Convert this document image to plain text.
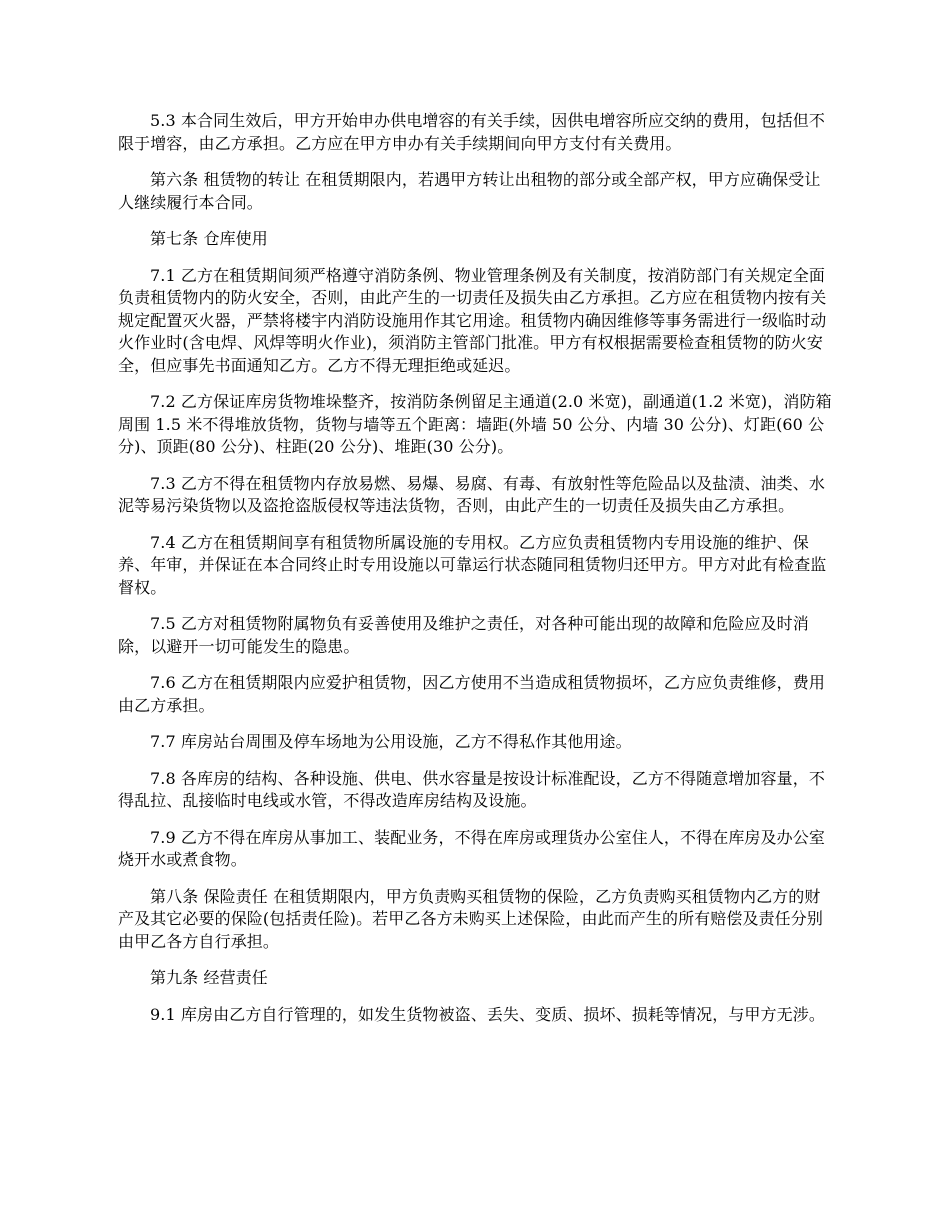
5.3 本合同生效后，甲方开始申办供电增容的有关手续，因供电增容所应交纳的费用，包括但不限于增容，由乙方承担。乙方应在甲方申办有关手续期间向甲方支付有关费用。

第六条 租赁物的转让 在租赁期限内，若遇甲方转让出租物的部分或全部产权，甲方应确保受让人继续履行本合同。

第七条 仓库使用

7.1 乙方在租赁期间须严格遵守消防条例、物业管理条例及有关制度，按消防部门有关规定全面负责租赁物内的防火安全，否则，由此产生的一切责任及损失由乙方承担。乙方应在租赁物内按有关规定配置灭火器，严禁将楼宇内消防设施用作其它用途。租赁物内确因维修等事务需进行一级临时动火作业时(含电焊、风焊等明火作业)，须消防主管部门批准。甲方有权根据需要检查租赁物的防火安全，但应事先书面通知乙方。乙方不得无理拒绝或延迟。

7.2 乙方保证库房货物堆垛整齐，按消防条例留足主通道(2.0 米宽)，副通道(1.2 米宽)，消防箱周围 1.5 米不得堆放货物，货物与墙等五个距离：墙距(外墙 50 公分、内墙 30 公分)、灯距(60 公分)、顶距(80 公分)、柱距(20 公分)、堆距(30 公分)。

7.3 乙方不得在租赁物内存放易燃、易爆、易腐、有毒、有放射性等危险品以及盐渍、油类、水泥等易污染货物以及盗抢盗版侵权等违法货物，否则，由此产生的一切责任及损失由乙方承担。

7.4 乙方在租赁期间享有租赁物所属设施的专用权。乙方应负责租赁物内专用设施的维护、保养、年审，并保证在本合同终止时专用设施以可靠运行状态随同租赁物归还甲方。甲方对此有检查监督权。

7.5 乙方对租赁物附属物负有妥善使用及维护之责任，对各种可能出现的故障和危险应及时消除，以避开一切可能发生的隐患。

7.6 乙方在租赁期限内应爱护租赁物，因乙方使用不当造成租赁物损坏，乙方应负责维修，费用由乙方承担。

7.7 库房站台周围及停车场地为公用设施，乙方不得私作其他用途。

7.8 各库房的结构、各种设施、供电、供水容量是按设计标准配设，乙方不得随意增加容量，不得乱拉、乱接临时电线或水管，不得改造库房结构及设施。

7.9 乙方不得在库房从事加工、装配业务，不得在库房或理货办公室住人，不得在库房及办公室烧开水或煮食物。

第八条 保险责任 在租赁期限内，甲方负责购买租赁物的保险，乙方负责购买租赁物内乙方的财产及其它必要的保险(包括责任险)。若甲乙各方未购买上述保险，由此而产生的所有赔偿及责任分别由甲乙各方自行承担。

第九条 经营责任

9.1 库房由乙方自行管理的，如发生货物被盗、丢失、变质、损坏、损耗等情况，与甲方无涉。
